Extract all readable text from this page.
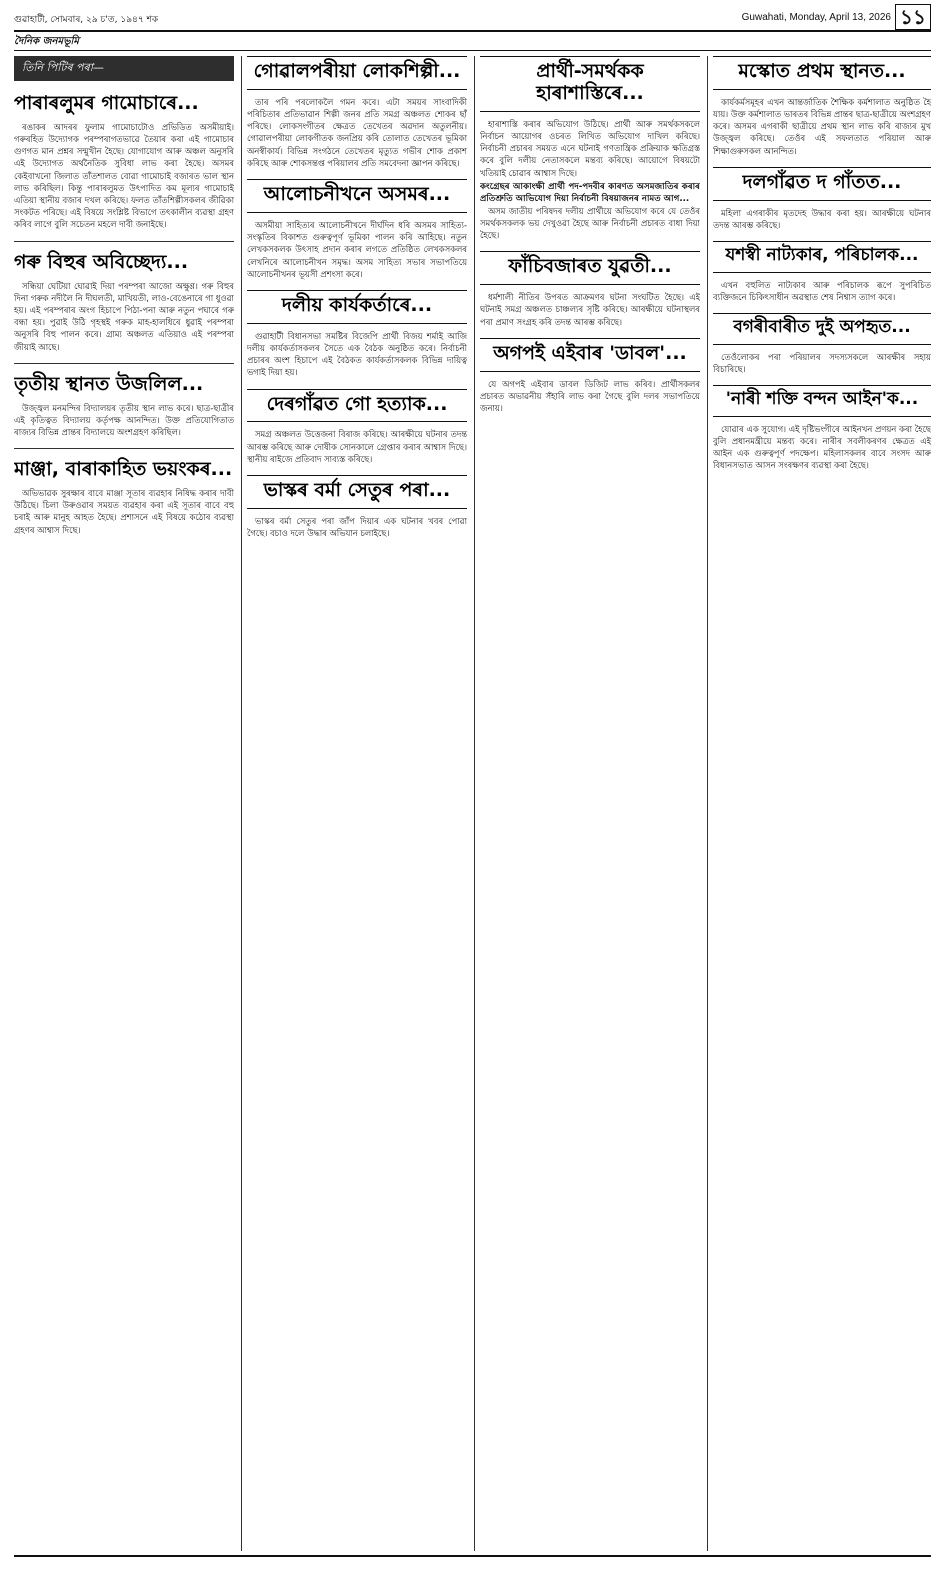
গুৱাহাটী, সোমবাৰ, ২৯ চ'ত, ১৯৪৭ শক	Guwahati, Monday, April 13, 2026 ১১
দৈনিক জনমভূমি
তিনি পিটিৰ পৰা—
পাৰাৰলুমৰ গামোচাৰে...

ৰঙাকৰ আদৰৰ ফুলাম গামোচাটোও প্ৰভিডিত অসমীয়াই। গৰুৰহিত উদ্যোগক পৰম্পৰাগতভাৱে তৈয়াৰ কৰা এই গামোচাৰ গুণগত মান প্ৰশ্নৰ সন্মুখীন হৈছে। যোগাযোগ আৰু অঞ্চল অনুসৰি এই উদ্যোগত অৰ্থনৈতিক সুবিধা লাভ কৰা হৈছে। অসমৰ কেইবাখনো জিলাত তাঁতশালত বোৱা গামোচাই বজাৰত ভাল স্থান লাভ কৰিছিল। কিন্তু পাৰাৰলুমত উৎপাদিত কম মূল্যৰ গামোচাই এতিয়া স্থানীয় বজাৰ দখল কৰিছে। ফলত তাঁতশিল্পীসকলৰ জীৱিকা সংকটত পৰিছে। এই বিষয়ে সংশ্লিষ্ট বিভাগে তৎকালীন ব্যৱস্থা গ্ৰহণ কৰিব লাগে বুলি সচেতন মহলে দাবী জনাইছে।

গৰু বিহুৰ অবিচ্ছেদ্য...

সন্ধিয়া ঘেটিয়া ঘোৱাই দিয়া পৰম্পৰা আজো অক্ষুণ্ণ। গৰু বিহুৰ দিনা গৰুক নদীলৈ নি দীঘলতী, মাখিয়তী, লাও-বেঙেনাৰে গা ধুওৱা হয়। এই পৰম্পৰাৰ অংগ হিচাপে পিঠা-পনা আৰু নতুন পঘাৰে গৰু বন্ধা হয়। পুৱাই উঠি গৃহস্থই গৰুক মাহ-হালধিৰে ধুৱাই পৰম্পৰা অনুসৰি বিহু পালন কৰে। গ্ৰাম্য অঞ্চলত এতিয়াও এই পৰম্পৰা জীয়াই আছে।

তৃতীয় স্থানত উজলিল...

উজ্জ্বল মনমন্দিৰ বিদ্যালয়ৰ তৃতীয় স্থান লাভ কৰে। ছাত্ৰ-ছাত্ৰীৰ এই কৃতিত্বত বিদ্যালয় কৰ্তৃপক্ষ আনন্দিত। উক্ত প্ৰতিযোগিতাত ৰাজ্যৰ বিভিন্ন প্ৰান্তৰ বিদ্যালয়ে অংশগ্ৰহণ কৰিছিল।

মাঞ্জা, বাৰাকাহিত ভয়ংকৰ...

অভিভাৱক সুৰক্ষাৰ বাবে মাঞ্জা সূতাৰ ব্যৱহাৰ নিষিদ্ধ কৰাৰ দাবী উঠিছে। চিলা উৰুওৱাৰ সময়ত ব্যৱহাৰ কৰা এই সূতাৰ বাবে বহু চৰাই আৰু মানুহ আহত হৈছে। প্ৰশাসনে এই বিষয়ে কঠোৰ ব্যৱস্থা গ্ৰহণৰ আশ্বাস দিছে।

গোৱালপৰীয়া লোকশিল্পী...

তাৰ পৰি পৰলোকলৈ গমন কৰে। এটা সময়ৰ সাংবাদিকী পৰিচিতাৰ প্ৰতিভাৱান শিল্পী জনৰ প্ৰতি সমগ্ৰ অঞ্চলত শোকৰ ছাঁ পৰিছে। লোকসংগীতৰ ক্ষেত্ৰত তেখেতৰ অৱদান অতুলনীয়। গোৱালপৰীয়া লোকগীতক জনপ্ৰিয় কৰি তোলাত তেখেতৰ ভূমিকা অনস্বীকাৰ্য। বিভিন্ন সংগঠনে তেখেতৰ মৃত্যুত গভীৰ শোক প্ৰকাশ কৰিছে আৰু শোকসন্তপ্ত পৰিয়ালৰ প্ৰতি সমবেদনা জ্ঞাপন কৰিছে।

আলোচনীখনে অসমৰ...

অসমীয়া সাহিত্যৰ আলোচনীখনে দীৰ্ঘদিন ধৰি অসমৰ সাহিত্য-সংস্কৃতিৰ বিকাশত গুৰুত্বপূৰ্ণ ভূমিকা পালন কৰি আহিছে। নতুন লেখকসকলক উৎসাহ প্ৰদান কৰাৰ লগতে প্ৰতিষ্ঠিত লেখকসকলৰ লেখনিৰে আলোচনীখন সমৃদ্ধ। অসম সাহিত্য সভাৰ সভাপতিয়ে আলোচনীখনৰ ভূয়সী প্ৰশংসা কৰে।

দলীয় কাৰ্যকৰ্তাৰে...

গুৱাহাটী বিধানসভা সমষ্টিৰ বিজেপি প্ৰাৰ্থী বিজয় শৰ্মাই আজি দলীয় কাৰ্যকৰ্তাসকলৰ সৈতে এক বৈঠক অনুষ্ঠিত কৰে। নিৰ্বাচনী প্ৰচাৰৰ অংশ হিচাপে এই বৈঠকত কাৰ্যকৰ্তাসকলক বিভিন্ন দায়িত্ব ভগাই দিয়া হয়।

দেৰগাঁৱত গো হত্যাক...

সমগ্ৰ অঞ্চলত উত্তেজনা বিৰাজ কৰিছে। আৰক্ষীয়ে ঘটনাৰ তদন্ত আৰম্ভ কৰিছে আৰু দোষীক সোনকালে গ্ৰেপ্তাৰ কৰাৰ আশ্বাস দিছে। স্থানীয় ৰাইজে প্ৰতিবাদ সাব্যস্ত কৰিছে।

ভাস্কৰ বৰ্মা সেতুৰ পৰা...

ভাস্কৰ বৰ্মা সেতুৰ পৰা জাঁপ দিয়াৰ এক ঘটনাৰ খবৰ পোৱা গৈছে। বচাও দলে উদ্ধাৰ অভিযান চলাইছে।

প্ৰাৰ্থী-সমৰ্থকক হাৰাশাস্তিৰে...

হাৰাশাস্তি কৰাৰ অভিযোগ উঠিছে। প্ৰাৰ্থী আৰু সমৰ্থকসকলে নিৰ্বাচন আয়োগৰ ওচৰত লিখিত অভিযোগ দাখিল কৰিছে। নিৰ্বাচনী প্ৰচাৰৰ সময়ত এনে ঘটনাই গণতান্ত্ৰিক প্ৰক্ৰিয়াক ক্ষতিগ্ৰস্ত কৰে বুলি দলীয় নেতাসকলে মন্তব্য কৰিছে। আয়োগে বিষয়টো খতিয়াই চোৱাৰ আশ্বাস দিছে।

কংগ্ৰেছৰ আকাংক্ষী প্ৰাৰ্থী পদ-পদবীৰ কাৰণত অসমজাতিৰ কৰাৰ প্ৰতিশ্ৰুতি আভিযোগ দিয়া নিৰ্বাচনী বিষয়াজনৰ নামত আগ...

অসম জাতীয় পৰিষদৰ দলীয় প্ৰাৰ্থীয়ে অভিযোগ কৰে যে তেওঁৰ সমৰ্থকসকলক ভয় দেখুওৱা হৈছে আৰু নিৰ্বাচনী প্ৰচাৰত বাধা দিয়া হৈছে।

ফাঁচিবজাৰত যুৱতী...

ধৰ্মশালী নীতিৰ উপৰত আক্ৰমণৰ ঘটনা সংঘটিত হৈছে। এই ঘটনাই সমগ্ৰ অঞ্চলত চাঞ্চল্যৰ সৃষ্টি কৰিছে। আৰক্ষীয়ে ঘটনাস্থলৰ পৰা প্ৰমাণ সংগ্ৰহ কৰি তদন্ত আৰম্ভ কৰিছে।

অগপই এইবাৰ 'ডাবল'...

যে অগপই এইবাৰ ডাবল ডিজিট লাভ কৰিব। প্ৰাৰ্থীসকলৰ প্ৰচাৰত অভাৱনীয় সঁহাৰি লাভ কৰা গৈছে বুলি দলৰ সভাপতিয়ে জনায়।

মস্কোত প্ৰথম স্থানত...

কাৰ্যকৰ্মসমূহৰ এখন আন্তৰ্জাতিক শৈক্ষিক কৰ্মশালাত অনুষ্ঠিত হৈ যায়। উক্ত কৰ্মশালাত ভাৰতৰ বিভিন্ন প্ৰান্তৰ ছাত্ৰ-ছাত্ৰীয়ে অংশগ্ৰহণ কৰে। অসমৰ এগৰাকী ছাত্ৰীয়ে প্ৰথম স্থান লাভ কৰি ৰাজ্যৰ মুখ উজ্জ্বল কৰিছে। তেওঁৰ এই সফলতাত পৰিয়াল আৰু শিক্ষাগুৰুসকল আনন্দিত।

দলগাঁৱত দ গাঁতত...

মহিলা এগৰাকীৰ মৃতদেহ উদ্ধাৰ কৰা হয়। আৰক্ষীয়ে ঘটনাৰ তদন্ত আৰম্ভ কৰিছে।

যশস্বী নাট্যকাৰ, পৰিচালক...

এখন বহুলিত নাট্যকাৰ আৰু পৰিচালক ৰূপে সুপৰিচিত ব্যক্তিজনে চিকিৎসাধীন অৱস্থাত শেষ নিশ্বাস ত্যাগ কৰে।

বগৰীবাৰীত দুই অপহৃত...

তেওঁলোকৰ পৰা পৰিয়ালৰ সদস্যসকলে আৰক্ষীৰ সহায় বিচাৰিছে।

'নাৰী শক্তি বন্দন আইন'ক...

যোৱাৰ এক সুযোগ। এই দৃষ্টিভংগীৰে আইনখন প্ৰণয়ন কৰা হৈছে বুলি প্ৰধানমন্ত্ৰীয়ে মন্তব্য কৰে। নাৰীৰ সবলীকৰণৰ ক্ষেত্ৰত এই আইন এক গুৰুত্বপূৰ্ণ পদক্ষেপ। মহিলাসকলৰ বাবে সংসদ আৰু বিধানসভাত আসন সংৰক্ষণৰ ব্যৱস্থা কৰা হৈছে।
